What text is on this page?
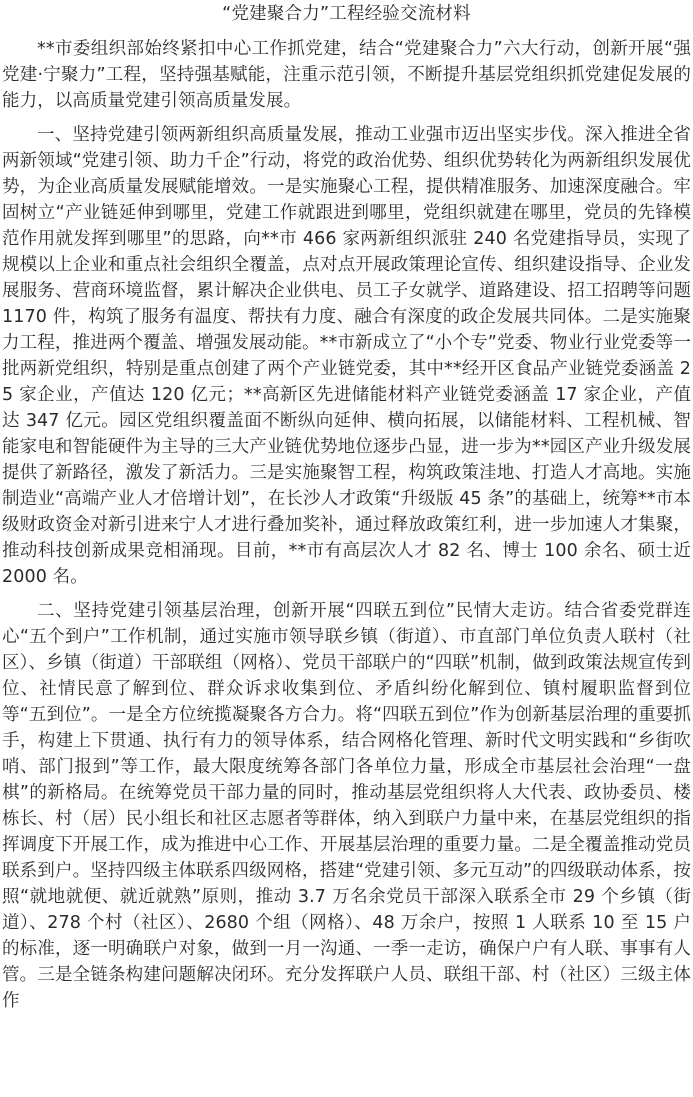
“党建聚合力”工程经验交流材料

**市委组织部始终紧扣中心工作抓党建，结合“党建聚合力”六大行动，创新开展“强党建·宁聚力”工程，坚持强基赋能，注重示范引领，不断提升基层党组织抓党建促发展的能力，以高质量党建引领高质量发展。

一、坚持党建引领两新组织高质量发展，推动工业强市迈出坚实步伐。深入推进全省两新领域“党建引领、助力千企”行动，将党的政治优势、组织优势转化为两新组织发展优势，为企业高质量发展赋能增效。一是实施聚心工程，提供精准服务、加速深度融合。牢固树立“产业链延伸到哪里，党建工作就跟进到哪里，党组织就建在哪里，党员的先锋模范作用就发挥到哪里”的思路，向**市 466 家两新组织派驻 240 名党建指导员，实现了规模以上企业和重点社会组织全覆盖，点对点开展政策理论宣传、组织建设指导、企业发展服务、营商环境监督，累计解决企业供电、员工子女就学、道路建设、招工招聘等问题1170 件，构筑了服务有温度、帮扶有力度、融合有深度的政企发展共同体。二是实施聚力工程，推进两个覆盖、增强发展动能。**市新成立了“小个专”党委、物业行业党委等一批两新党组织，特别是重点创建了两个产业链党委，其中**经开区食品产业链党委涵盖 25 家企业，产值达 120 亿元；**高新区先进储能材料产业链党委涵盖 17 家企业，产值达 347 亿元。园区党组织覆盖面不断纵向延伸、横向拓展，以储能材料、工程机械、智能家电和智能硬件为主导的三大产业链优势地位逐步凸显，进一步为**园区产业升级发展提供了新路径，激发了新活力。三是实施聚智工程，构筑政策洼地、打造人才高地。实施制造业“高端产业人才倍增计划”，在长沙人才政策“升级版 45 条”的基础上，统筹**市本级财政资金对新引进来宁人才进行叠加奖补，通过释放政策红利，进一步加速人才集聚，推动科技创新成果竞相涌现。目前，**市有高层次人才 82 名、博士 100 余名、硕士近 2000 名。

二、坚持党建引领基层治理，创新开展“四联五到位”民情大走访。结合省委党群连心“五个到户”工作机制，通过实施市领导联乡镇（街道）、市直部门单位负责人联村（社区）、乡镇（街道）干部联组（网格）、党员干部联户的“四联”机制，做到政策法规宣传到位、社情民意了解到位、群众诉求收集到位、矛盾纠纷化解到位、镇村履职监督到位等“五到位”。一是全方位统揽凝聚各方合力。将“四联五到位”作为创新基层治理的重要抓手，构建上下贯通、执行有力的领导体系，结合网格化管理、新时代文明实践和“乡街吹哨、部门报到”等工作，最大限度统筹各部门各单位力量，形成全市基层社会治理“一盘棋”的新格局。在统筹党员干部力量的同时，推动基层党组织将人大代表、政协委员、楼栋长、村（居）民小组长和社区志愿者等群体，纳入到联户力量中来，在基层党组织的指挥调度下开展工作，成为推进中心工作、开展基层治理的重要力量。二是全覆盖推动党员联系到户。坚持四级主体联系四级网格，搭建“党建引领、多元互动”的四级联动体系，按照“就地就便、就近就熟”原则，推动 3.7 万名余党员干部深入联系全市 29 个乡镇（街道）、278 个村（社区）、2680 个组（网格）、48 万余户，按照 1 人联系 10 至 15 户的标准，逐一明确联户对象，做到一月一沟通、一季一走访，确保户户有人联、事事有人管。三是全链条构建问题解决闭环。充分发挥联户人员、联组干部、村（社区）三级主体作
